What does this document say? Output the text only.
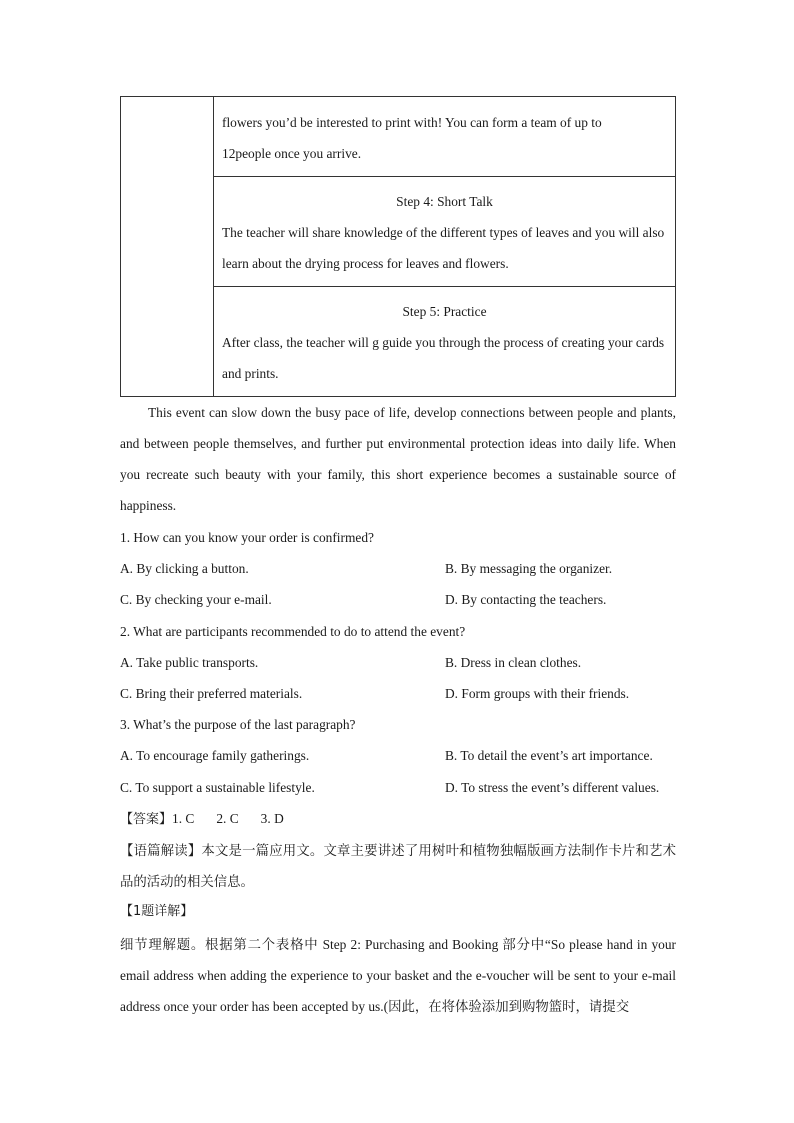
flowers you’d be interested to print with! You can form a team of up to
12people once you arrive.

Step 4: Short Talk
The teacher will share knowledge of the different types of leaves and you will also learn about the drying process for leaves and flowers.

Step 5: Practice
After class, the teacher will g guide you through the process of creating your cards and prints.
This event can slow down the busy pace of life, develop connections between people and plants, and between people themselves, and further put environmental protection ideas into daily life. When you recreate such beauty with your family, this short experience becomes a sustainable source of happiness.
1. How can you know your order is confirmed?
A. By clicking a button.	B. By messaging the organizer.
C. By checking your e-mail.	D. By contacting the teachers.
2. What are participants recommended to do to attend the event?
A. Take public transports.	B. Dress in clean clothes.
C. Bring their preferred materials.	D. Form groups with their friends.
3. What’s the purpose of the last paragraph?
A. To encourage family gatherings.	B. To detail the event’s art importance.
C. To support a sustainable lifestyle.	D. To stress the event’s different values.
【答案】1. C 2. C 3. D
【语篇解读】本文是一篇应用文。文章主要讲述了用树叶和植物独幅版画方法制作卡片和艺术品的活动的相关信息。
【1题详解】
细节理解题。根据第二个表格中 Step 2: Purchasing and Booking 部分中“So please hand in your email address when adding the experience to your basket and the e-voucher will be sent to your e-mail address once your order has been accepted by us.(因此，在将体验添加到购物篮时，请提交
